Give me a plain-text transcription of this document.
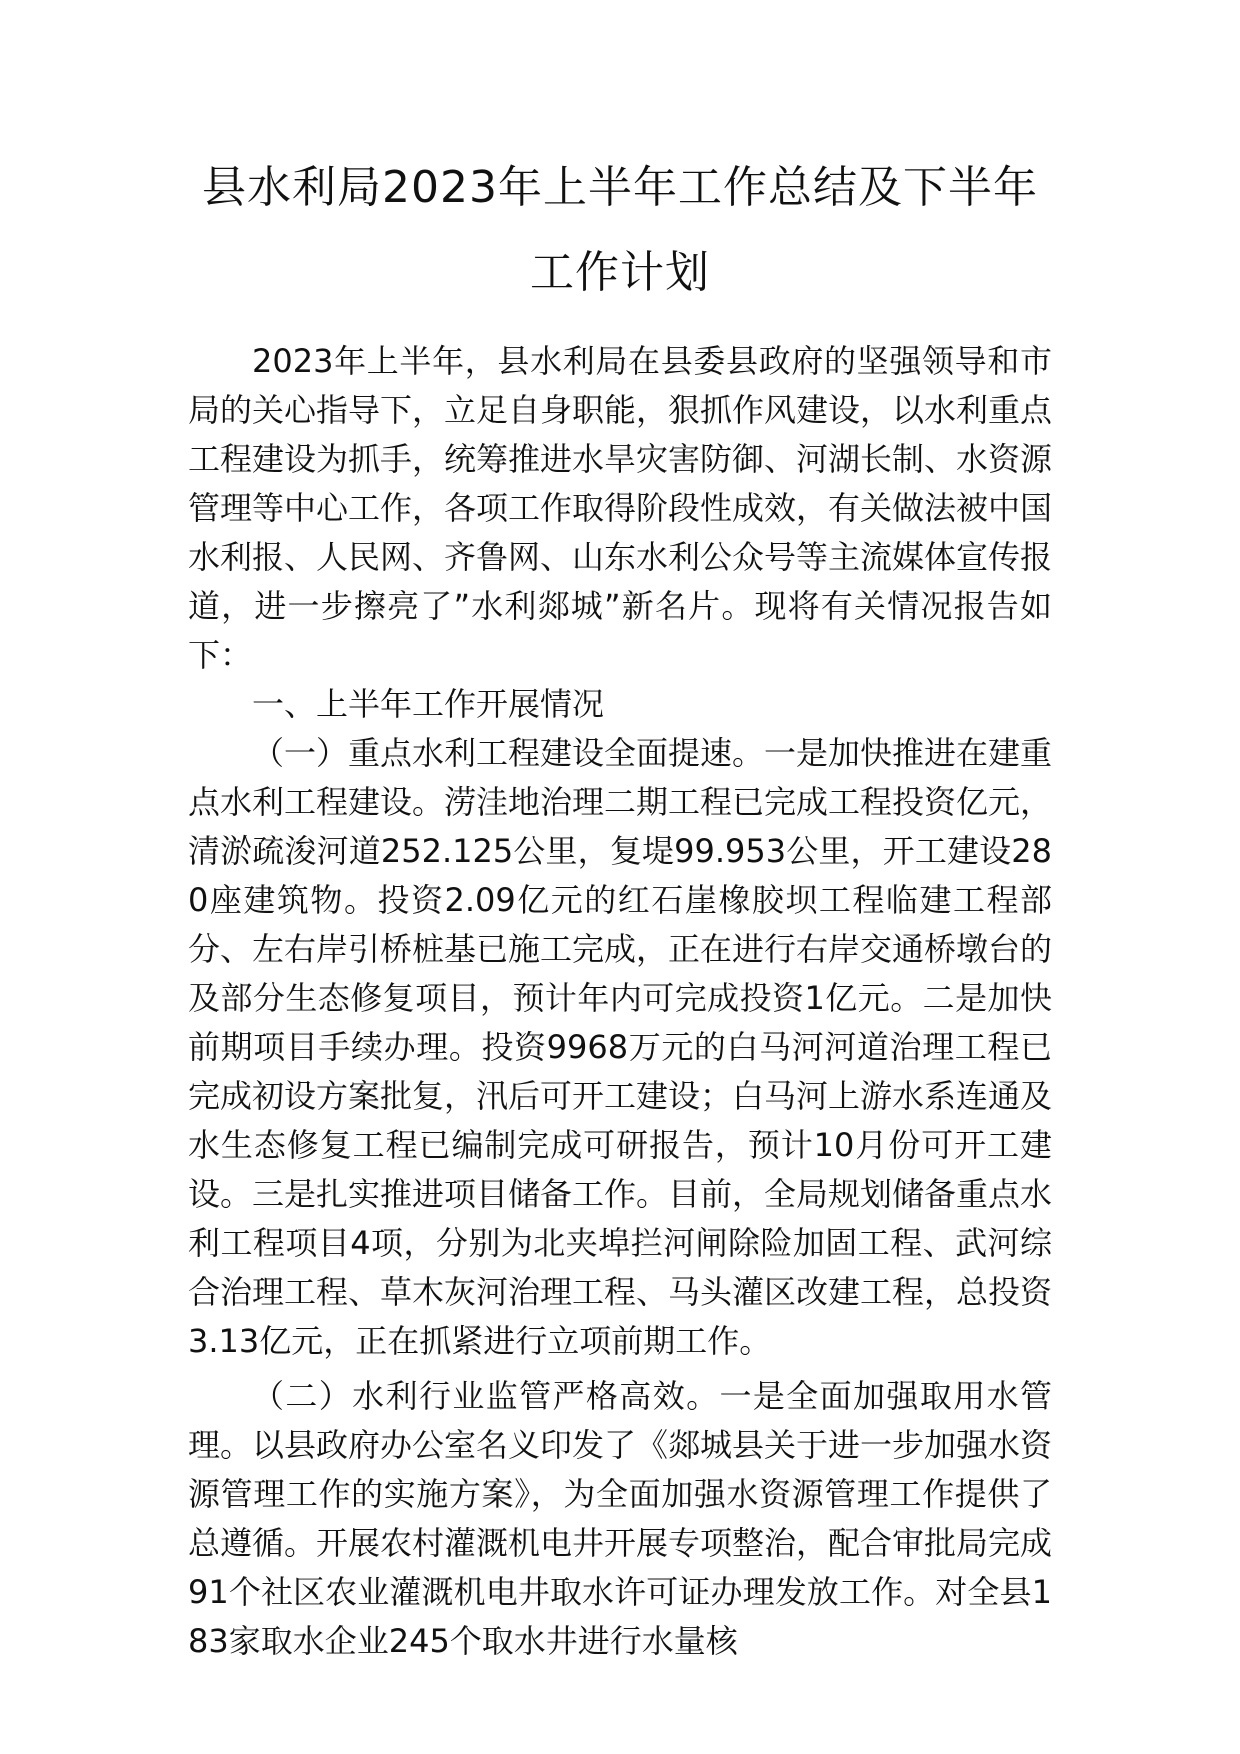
县水利局2023年上半年工作总结及下半年

工作计划

2023年上半年，县水利局在县委县政府的坚强领导和市局的关心指导下，立足自身职能，狠抓作风建设，以水利重点工程建设为抓手，统筹推进水旱灾害防御、河湖长制、水资源管理等中心工作，各项工作取得阶段性成效，有关做法被中国水利报、人民网、齐鲁网、山东水利公众号等主流媒体宣传报道，进一步擦亮了”水利郯城”新名片。现将有关情况报告如下：

一、上半年工作开展情况

（一）重点水利工程建设全面提速。一是加快推进在建重点水利工程建设。涝洼地治理二期工程已完成工程投资亿元，清淤疏浚河道252.125公里，复堤99.953公里，开工建设280座建筑物。投资2.09亿元的红石崖橡胶坝工程临建工程部分、左右岸引桥桩基已施工完成，正在进行右岸交通桥墩台的及部分生态修复项目，预计年内可完成投资1亿元。二是加快前期项目手续办理。投资9968万元的白马河河道治理工程已完成初设方案批复，汛后可开工建设；白马河上游水系连通及水生态修复工程已编制完成可研报告，预计10月份可开工建设。三是扎实推进项目储备工作。目前，全局规划储备重点水利工程项目4项，分别为北夹埠拦河闸除险加固工程、武河综合治理工程、草木灰河治理工程、马头灌区改建工程，总投资3.13亿元，正在抓紧进行立项前期工作。

（二）水利行业监管严格高效。一是全面加强取用水管理。以县政府办公室名义印发了《郯城县关于进一步加强水资源管理工作的实施方案》，为全面加强水资源管理工作提供了总遵循。开展农村灌溉机电井开展专项整治，配合审批局完成91个社区农业灌溉机电井取水许可证办理发放工作。对全县183家取水企业245个取水井进行水量核
